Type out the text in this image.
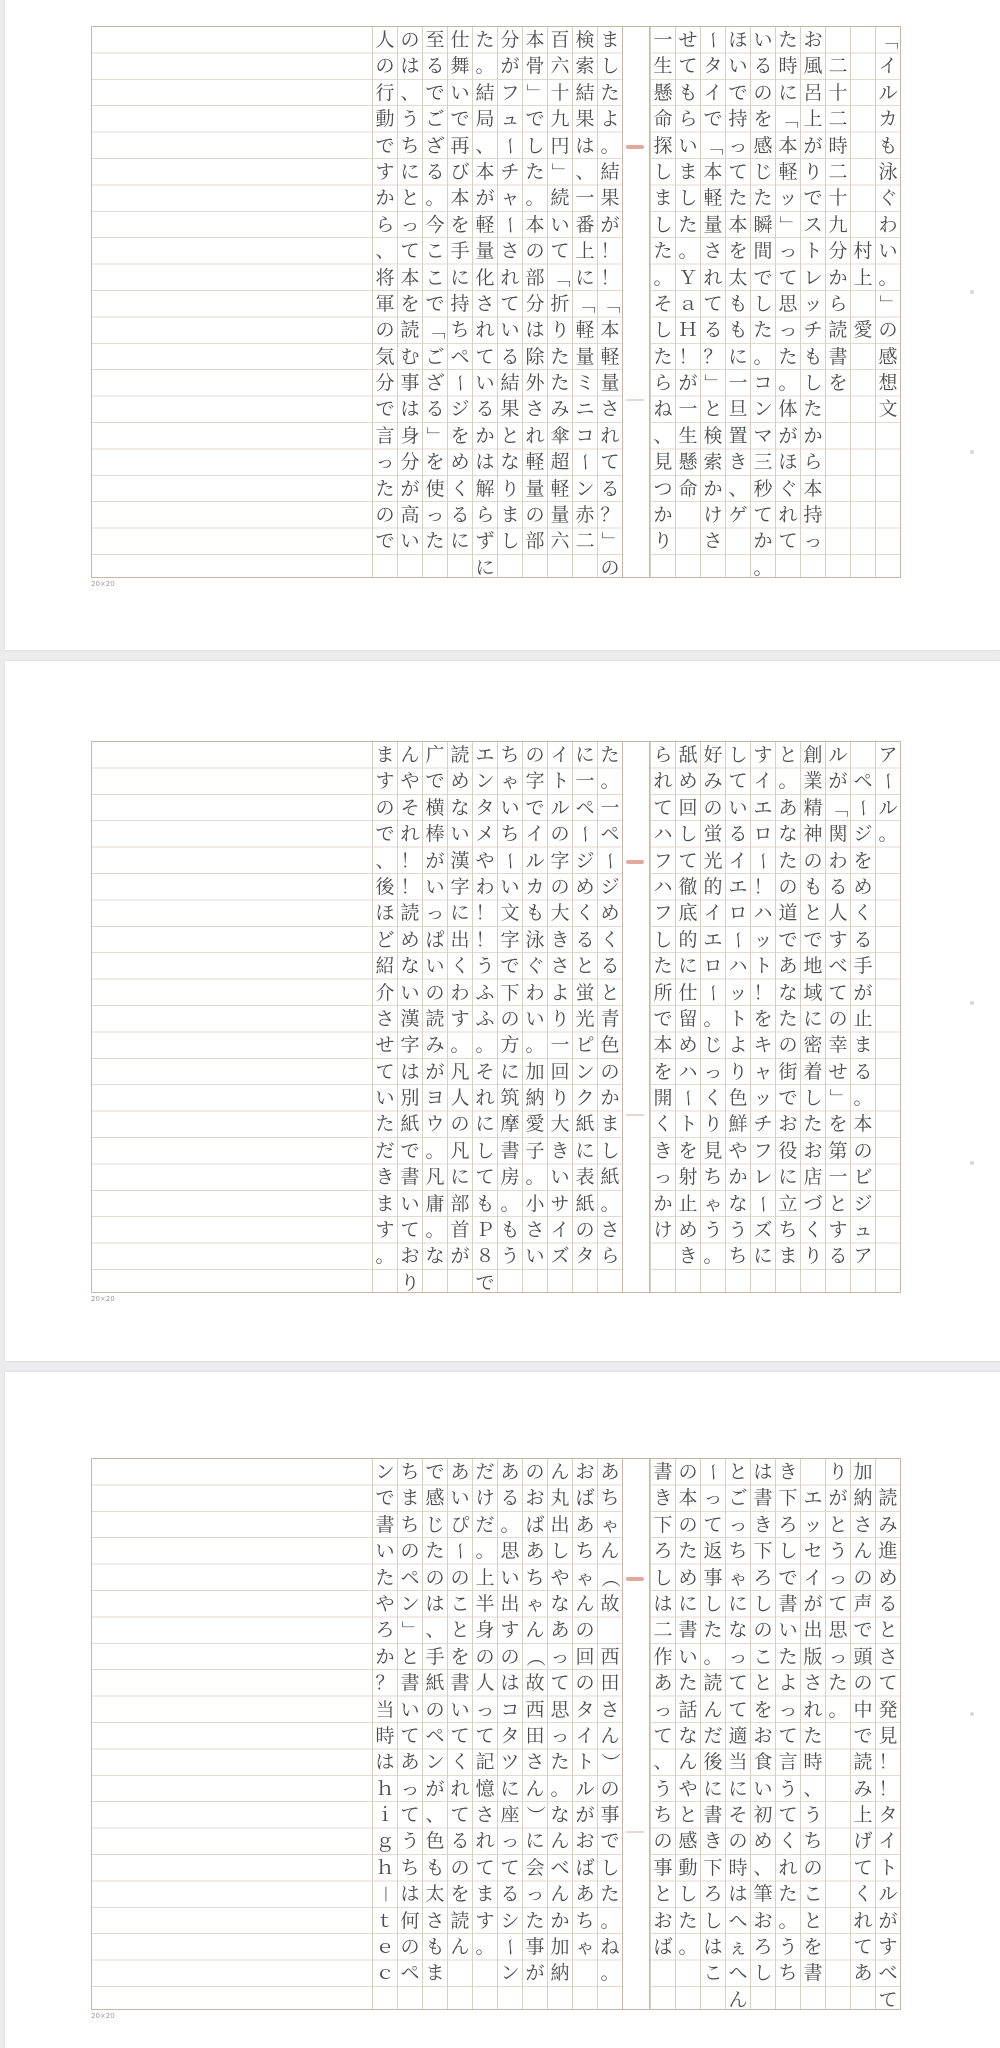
「
イ
ル
カ
も
泳
ぐ
わ
い
。
」
の
感
想
文

村
上

愛

二
十
二
時
二
十
九
分
か
ら
読
書
を
お
風
呂
上
が
り
で
ス
ト
レ
ッ
チ
も
し
た
か
ら
本
持
っ
た
時
に
「
本
軽
ッ
」
っ
て
思
っ
た
。
体
が
ほ
ぐ
れ
て
い
る
の
を
感
じ
た
瞬
間
で
し
た
。
コ
ン
マ
三
秒
て
か
。
ほ
い
で
持
っ
て
た
本
を
太
も
も
に
一
旦
置
き
、
ゲ
ー
タ
イ
で
「
本
軽
量
さ
れ
て
る
？
」
と
検
索
か
け
さ
せ
て
も
ら
い
ま
し
た
。
Ｙ
ａ
Ｈ
！
が
一
生
懸
命
一
生
懸
命
探
し
ま
し
た
。
そ
し
た
ら
ね
、
見
つ
か
り
ま
し
た
よ
。
結
果
が
！
！
「
本
軽
量
さ
れ
て
る
？
」
の
検
索
結
果
は
、
一
番
上
に
「
軽
量
ミ
ニ
コ
ー
ン
赤
二
百
六
十
九
円
」
続
い
て
「
折
り
た
た
み
傘
超
軽
量
六
本
骨
」
で
し
た
。
本
の
部
分
は
除
外
さ
れ
軽
量
の
部
分
が
フ
ュ
ー
チ
ャ
ー
さ
れ
て
い
る
結
果
と
な
り
ま
し
た
。
結
局
、
本
が
軽
量
化
さ
れ
て
い
る
か
は
解
ら
ず
に
仕
舞
い
で
再
び
本
を
手
に
持
ち
ペ
ー
ジ
を
め
く
る
に
至
る
で
ご
ざ
る
。
今
こ
こ
で
「
ご
ざ
る
」
を
使
っ
た
の
は
、
う
ち
に
と
っ
て
本
を
読
む
事
は
身
分
が
高
い
人
の
行
動
で
す
か
ら
、
将
軍
の
気
分
で
言
っ
た
の
で
20×20
ア
ー
ル
。

ペ
ー
ジ
を
め
く
る
手
が
止
ま
る
。
本
の
ビ
ジ
ュ
ア
ル
が
「
関
わ
る
人
す
べ
て
の
幸
せ
」
を
第
一
と
す
る
創
業
精
神
の
も
と
で
地
域
に
密
着
し
た
お
店
づ
く
り
と
。
あ
な
た
の
道
で
あ
な
た
の
街
で
お
役
に
立
ち
ま
す
イ
エ
ロ
ー
！
ハ
ッ
ト
！
を
キ
ャ
ッ
チ
フ
レ
ー
ズ
に
し
て
い
る
イ
エ
ロ
ー
ハ
ッ
ト
よ
り
色
鮮
や
か
な
う
ち
好
み
の
蛍
光
的
イ
エ
ロ
ー
。
じ
っ
く
り
見
ち
ゃ
う
。
舐
め
回
し
て
徹
底
的
に
仕
留
め
ハ
ー
ト
を
射
止
め
き
ら
れ
て
ハ
フ
ハ
フ
し
た
所
で
本
を
開
く
き
っ
か
け
た
。
一
ペ
ー
ジ
め
く
る
と
青
色
の
か
ま
し
紙
。
さ
ら
に
一
ペ
ー
ジ
め
く
る
と
蛍
光
ピ
ン
ク
紙
に
表
紙
の
タ
イ
ト
ル
の
字
の
大
き
さ
よ
り
一
回
り
大
き
い
サ
イ
ズ
の
字
で
イ
ル
カ
も
泳
ぐ
わ
い
。
加
納
愛
子
。
小
さ
い
ち
ゃ
い
ち
ー
い
文
字
で
下
の
方
に
筑
摩
書
房
。
も
う
エ
ン
タ
メ
や
わ
！
！
う
ふ
ふ
。
そ
れ
に
し
て
も
Ｐ
８
で
読
め
な
い
漢
字
に
出
く
わ
す
。
凡
人
の
凡
に
部
首
が
广
で
横
棒
が
い
っ
ぱ
い
の
読
み
が
ヨ
ウ
。
凡
庸
。
な
ん
や
そ
れ
！
！
読
め
な
い
漢
字
は
別
紙
で
書
い
て
お
り
ま
す
の
で
、
後
ほ
ど
紹
介
さ
せ
て
い
た
だ
き
ま
す
。
20×20

読
み
進
め
る
と
さ
て
発
見
！
！
タ
イ
ト
ル
が
す
べ
て
加
納
さ
ん
の
声
で
頭
の
中
で
読
み
上
げ
て
く
れ
て
あ
り
が
と
う
っ
て
思
っ
た
。

エ
ッ
セ
イ
が
出
版
さ
れ
た
時
、
う
ち
の
こ
と
を
書
き
下
ろ
し
で
書
い
た
よ
っ
て
言
う
て
く
れ
た
。
う
ち
は
書
き
下
ろ
し
の
こ
と
を
お
食
い
初
め
、
筆
お
ろ
し
と
ご
っ
ち
ゃ
に
な
っ
て
て
適
当
に
そ
の
時
は
へ
ぇ
へ
ん
ー
っ
て
返
事
し
た
。
読
ん
だ
後
に
書
き
下
ろ
し
は
こ
の
本
の
た
め
に
書
い
た
話
な
ん
や
と
感
動
し
た
。
書
き
下
ろ
し
は
二
作
あ
っ
て
、
う
ち
の
事
と
お
ば
あ
ち
ゃ
ん
（
故

西
田
さ
ん
）
の
事
で
し
た
。
ね
。
お
ば
あ
ち
ゃ
ん
の
回
の
タ
イ
ト
ル
が
お
ば
あ
ち
ゃ
ん
丸
出
し
や
な
あ
っ
て
思
っ
た
。
な
ん
べ
ん
か
加
納
の
お
ば
あ
ち
ゃ
ん
（
故
西
田
さ
ん
）
に
会
っ
た
事
が
あ
る
。
思
い
出
す
の
は
コ
タ
ツ
に
座
っ
て
る
シ
ー
ン
だ
け
だ
。
上
半
身
の
人
っ
て
記
憶
さ
れ
て
ま
す
。
あ
い
ぴ
ー
の
こ
と
を
書
い
て
く
れ
て
る
の
を
読
ん
で
感
じ
た
の
は
、
手
紙
の
ペ
ン
が
、
色
も
太
さ
も
ま
ち
ま
ち
の
ペ
ン
」
と
書
い
て
あ
っ
て
う
ち
は
何
の
ペ
ン
で
書
い
た
や
ろ
か
？
当
時
は
ｈ
ｉ
ｇ
ｈ
－
ｔ
ｅ
ｃ
20×20
